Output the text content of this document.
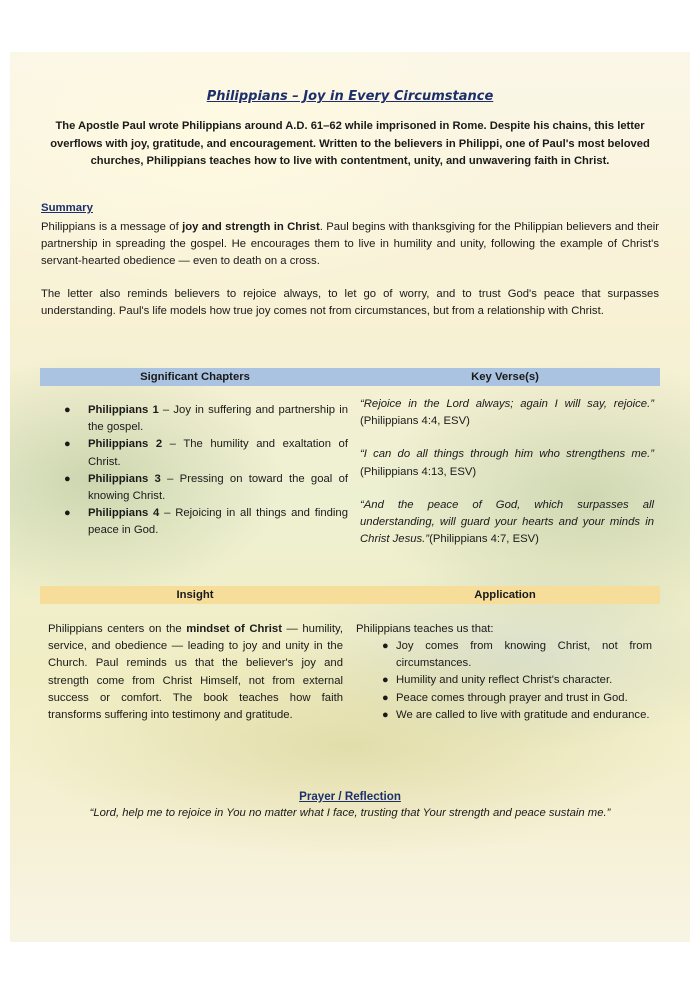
Philippians – Joy in Every Circumstance
The Apostle Paul wrote Philippians around A.D. 61–62 while imprisoned in Rome. Despite his chains, this letter overflows with joy, gratitude, and encouragement. Written to the believers in Philippi, one of Paul's most beloved churches, Philippians teaches how to live with contentment, unity, and unwavering faith in Christ.
Summary
Philippians is a message of joy and strength in Christ. Paul begins with thanksgiving for the Philippian believers and their partnership in spreading the gospel. He encourages them to live in humility and unity, following the example of Christ's servant-hearted obedience — even to death on a cross.
The letter also reminds believers to rejoice always, to let go of worry, and to trust God's peace that surpasses understanding. Paul's life models how true joy comes not from circumstances, but from a relationship with Christ.
Significant Chapters	Key Verse(s)
● Philippians 1 – Joy in suffering and partnership in the gospel.
● Philippians 2 – The humility and exaltation of Christ.
● Philippians 3 – Pressing on toward the goal of knowing Christ.
● Philippians 4 – Rejoicing in all things and finding peace in God.

“Rejoice in the Lord always; again I will say, rejoice.” (Philippians 4:4, ESV)

“I can do all things through him who strengthens me.” (Philippians 4:13, ESV)

“And the peace of God, which surpasses all understanding, will guard your hearts and your minds in Christ Jesus.”(Philippians 4:7, ESV)

Insight	Application
Philippians centers on the mindset of Christ — humility, service, and obedience — leading to joy and unity in the Church. Paul reminds us that the believer's joy and strength come from Christ Himself, not from external success or comfort. The book teaches how faith transforms suffering into testimony and gratitude.
Philippians teaches us that:
● Joy comes from knowing Christ, not from circumstances.
● Humility and unity reflect Christ's character.
● Peace comes through prayer and trust in God.
● We are called to live with gratitude and endurance.
Prayer / Reflection
“Lord, help me to rejoice in You no matter what I face, trusting that Your strength and peace sustain me.”
